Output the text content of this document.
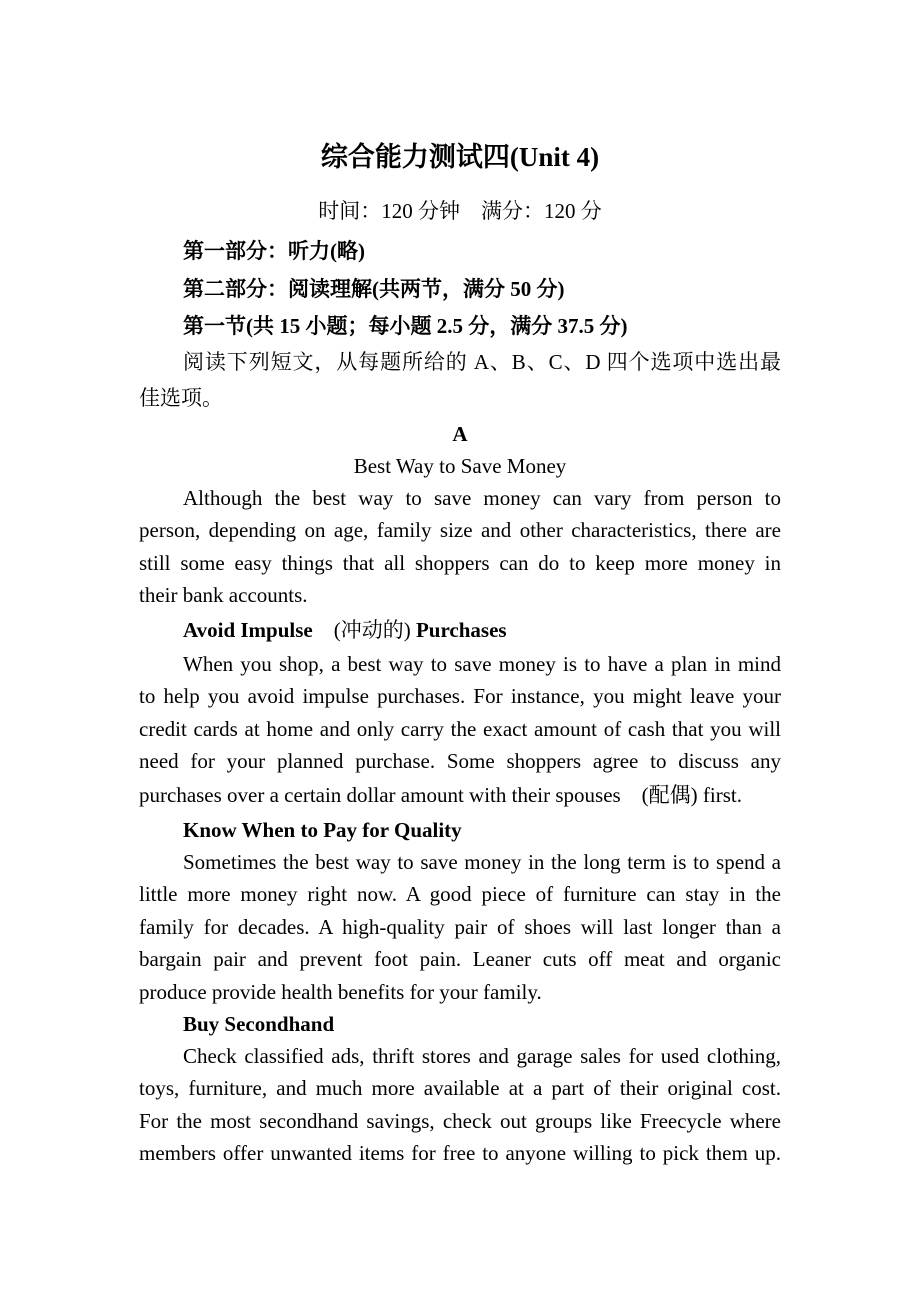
综合能力测试四(Unit 4)
时间：120 分钟　满分：120 分
第一部分：听力(略)
第二部分：阅读理解(共两节，满分 50 分)
第一节(共 15 小题；每小题 2.5 分，满分 37.5 分)
阅读下列短文，从每题所给的 A、B、C、D 四个选项中选出最
佳选项。
A
Best Way to Save Money
Although the best way to save money can vary from person to
person, depending on age, family size and other characteristics, there are
still some easy things that all shoppers can do to keep more money in
their bank accounts.
Avoid Impulse　(冲动的) Purchases
When you shop, a best way to save money is to have a plan in mind
to help you avoid impulse purchases. For instance, you might leave your
credit cards at home and only carry the exact amount of cash that you will
need for your planned purchase. Some shoppers agree to discuss any
purchases over a certain dollar amount with their spouses　(配偶) first.
Know When to Pay for Quality
Sometimes the best way to save money in the long term is to spend a
little more money right now. A good piece of furniture can stay in the
family for decades. A high-quality pair of shoes will last longer than a
bargain pair and prevent foot pain. Leaner cuts off meat and organic
produce provide health benefits for your family.
Buy Secondhand
Check classified ads, thrift stores and garage sales for used clothing,
toys, furniture, and much more available at a part of their original cost.
For the most secondhand savings, check out groups like Freecycle where
members offer unwanted items for free to anyone willing to pick them up.
